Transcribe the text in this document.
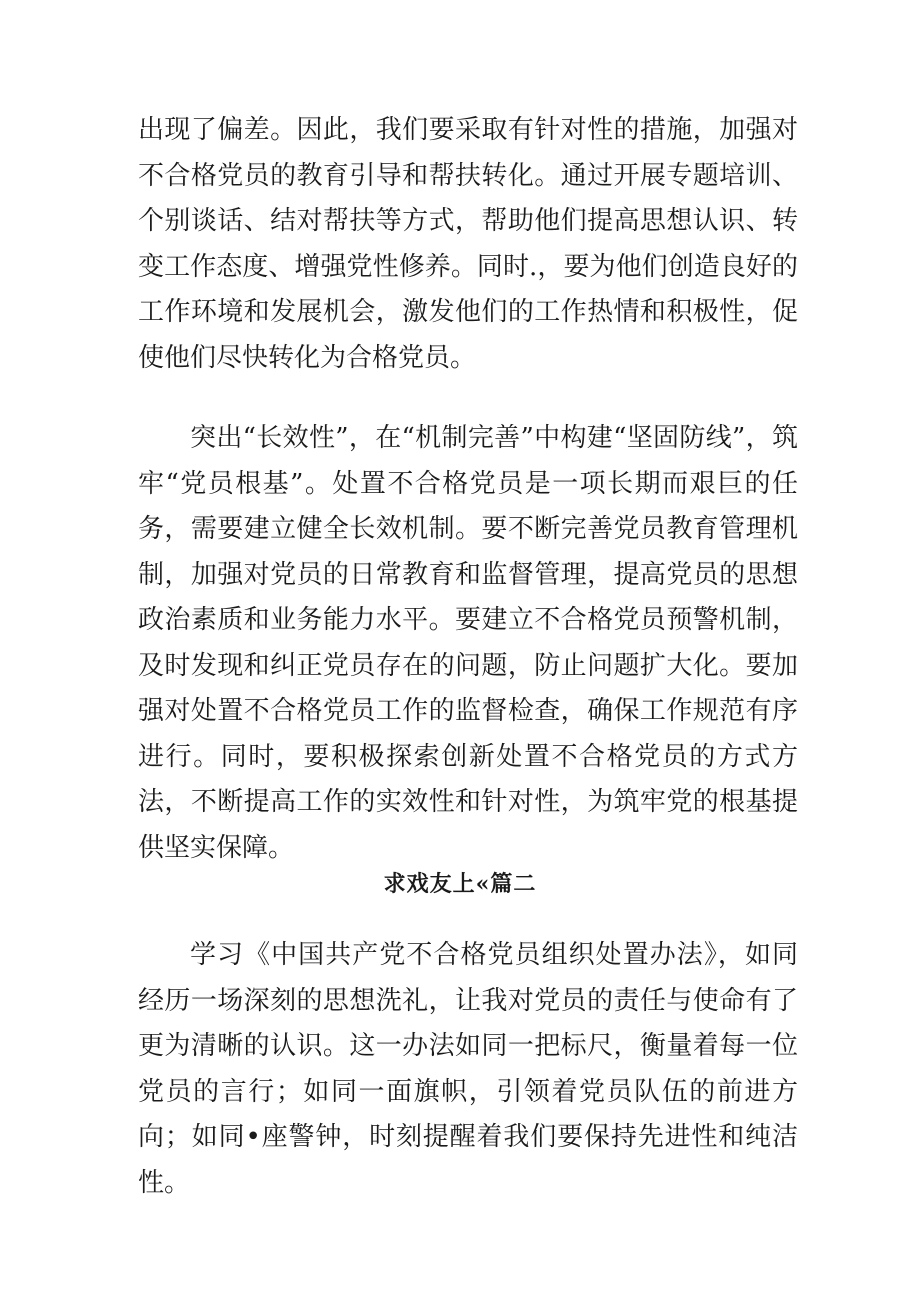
出现了偏差。因此，我们要采取有针对性的措施，加强对不合格党员的教育引导和帮扶转化。通过开展专题培训、个别谈话、结对帮扶等方式，帮助他们提高思想认识、转变工作态度、增强党性修养。同时.，要为他们创造良好的工作环境和发展机会，激发他们的工作热情和积极性，促使他们尽快转化为合格党员。

突出“长效性”，在“机制完善”中构建“坚固防线”，筑牢“党员根基”。处置不合格党员是一项长期而艰巨的任务，需要建立健全长效机制。要不断完善党员教育管理机制，加强对党员的日常教育和监督管理，提高党员的思想政治素质和业务能力水平。要建立不合格党员预警机制，及时发现和纠正党员存在的问题，防止问题扩大化。要加强对处置不合格党员工作的监督检查，确保工作规范有序进行。同时，要积极探索创新处置不合格党员的方式方法，不断提高工作的实效性和针对性，为筑牢党的根基提供坚实保障。

求戏友上«篇二

学习《中国共产党不合格党员组织处置办法》，如同经历一场深刻的思想洗礼，让我对党员的责任与使命有了更为清晰的认识。这一办法如同一把标尺，衡量着每一位党员的言行；如同一面旗帜，引领着党员队伍的前进方向；如同•座警钟，时刻提醒着我们要保持先进性和纯洁性。
